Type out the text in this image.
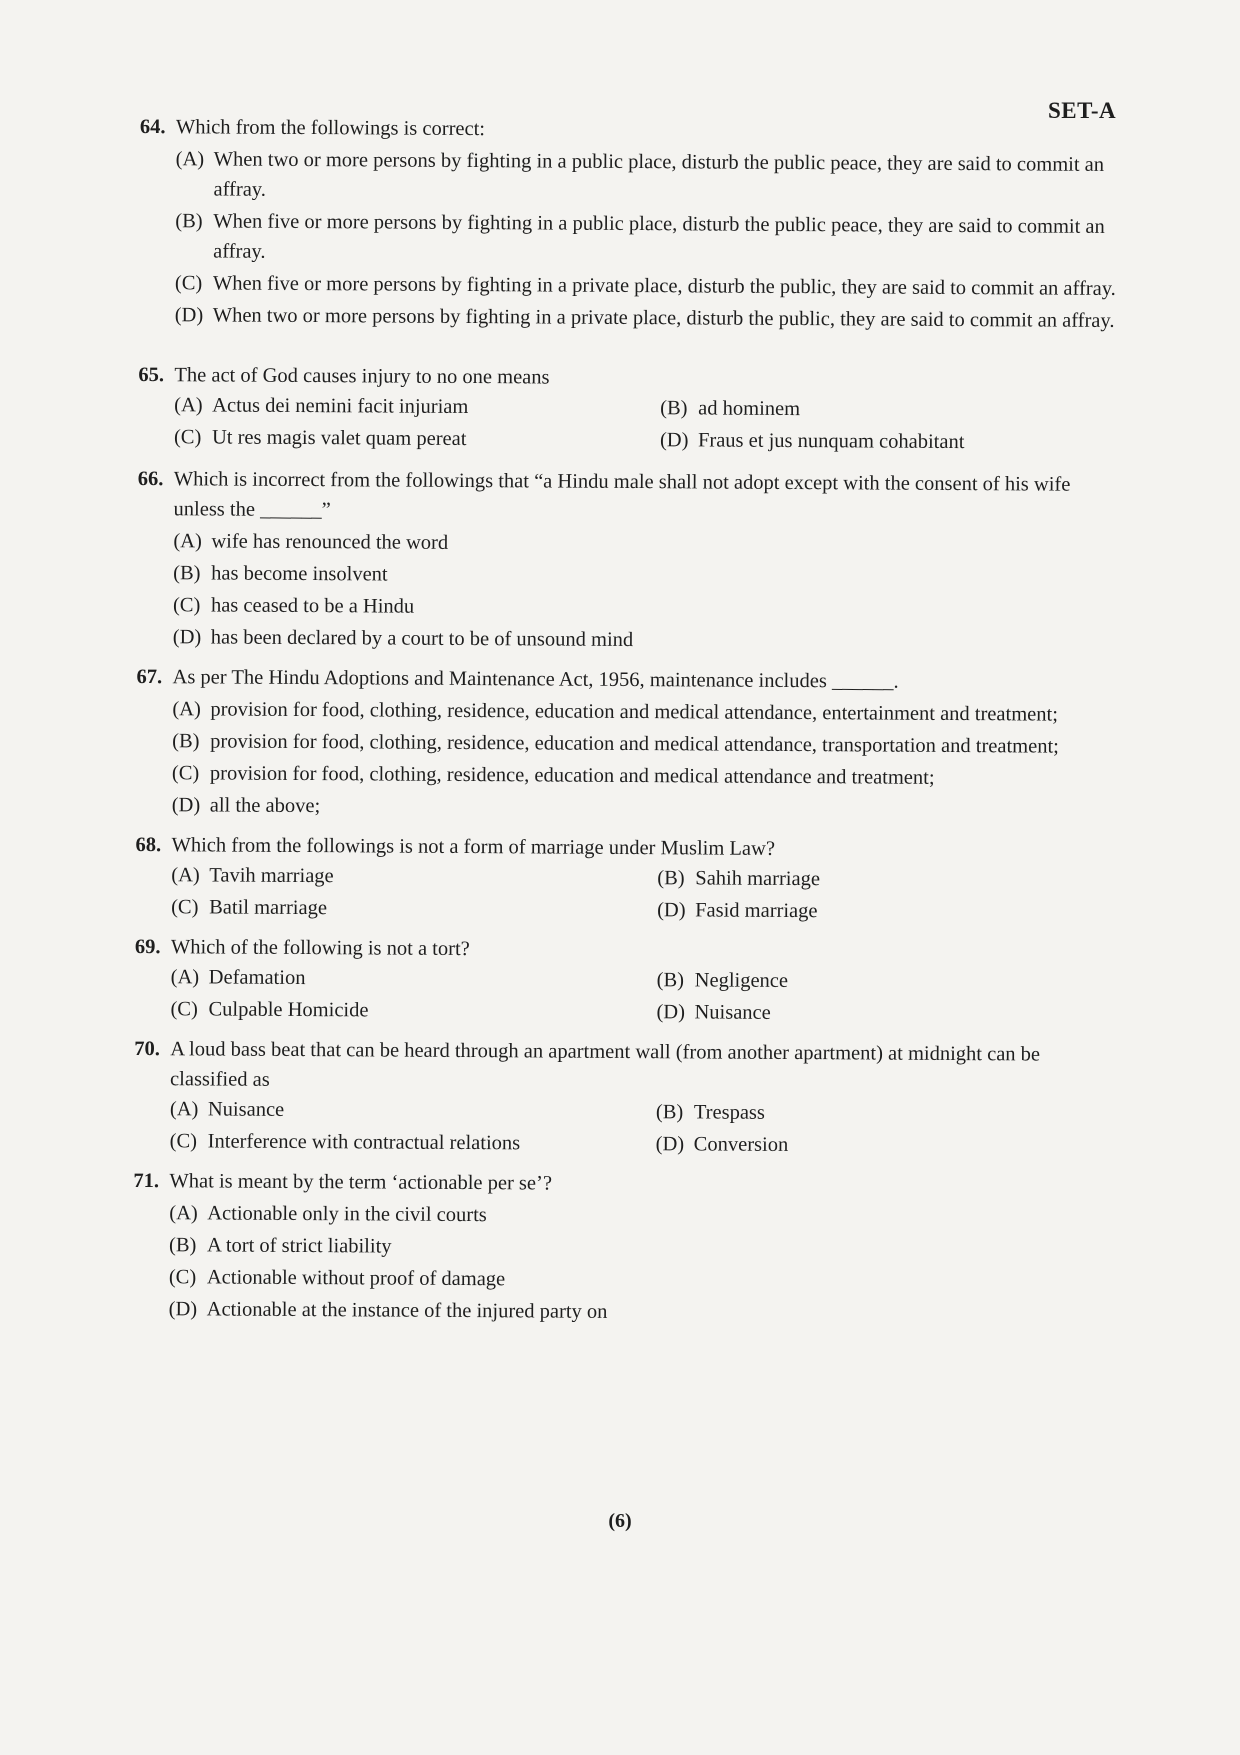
SET-A
64. Which from the followings is correct:
(A) When two or more persons by fighting in a public place, disturb the public peace, they are said to commit an affray.
(B) When five or more persons by fighting in a public place, disturb the public peace, they are said to commit an affray.
(C) When five or more persons by fighting in a private place, disturb the public, they are said to commit an affray.
(D) When two or more persons by fighting in a private place, disturb the public, they are said to commit an affray.
65. The act of God causes injury to no one means
(A) Actus dei nemini facit injuriam	(B) ad hominem
(C) Ut res magis valet quam pereat	(D) Fraus et jus nunquam cohabitant
66. Which is incorrect from the followings that “a Hindu male shall not adopt except with the consent of his wife unless the ______”
(A) wife has renounced the word
(B) has become insolvent
(C) has ceased to be a Hindu
(D) has been declared by a court to be of unsound mind
67. As per The Hindu Adoptions and Maintenance Act, 1956, maintenance includes ______.
(A) provision for food, clothing, residence, education and medical attendance, entertainment and treatment;
(B) provision for food, clothing, residence, education and medical attendance, transportation and treatment;
(C) provision for food, clothing, residence, education and medical attendance and treatment;
(D) all the above;
68. Which from the followings is not a form of marriage under Muslim Law?
(A) Tavih marriage	(B) Sahih marriage
(C) Batil marriage	(D) Fasid marriage
69. Which of the following is not a tort?
(A) Defamation	(B) Negligence
(C) Culpable Homicide	(D) Nuisance
70. A loud bass beat that can be heard through an apartment wall (from another apartment) at midnight can be classified as
(A) Nuisance	(B) Trespass
(C) Interference with contractual relations	(D) Conversion
71. What is meant by the term ‘actionable per se’?
(A) Actionable only in the civil courts
(B) A tort of strict liability
(C) Actionable without proof of damage
(D) Actionable at the instance of the injured party on
(6)
